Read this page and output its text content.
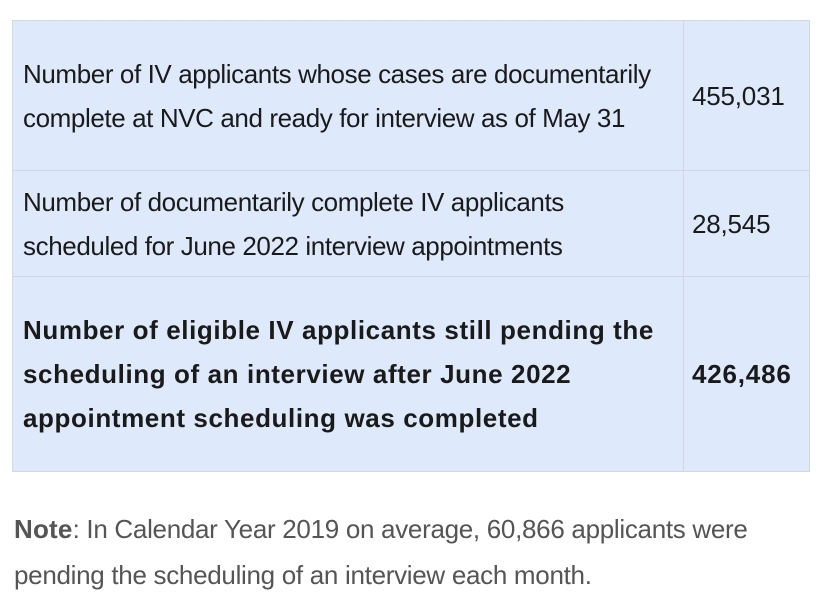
Number of IV applicants whose cases are documentarily complete at NVC and ready for interview as of May 31	455,031
Number of documentarily complete IV applicants scheduled for June 2022 interview appointments	28,545
Number of eligible IV applicants still pending the scheduling of an interview after June 2022 appointment scheduling was completed	426,486

Note: In Calendar Year 2019 on average, 60,866 applicants were pending the scheduling of an interview each month.
